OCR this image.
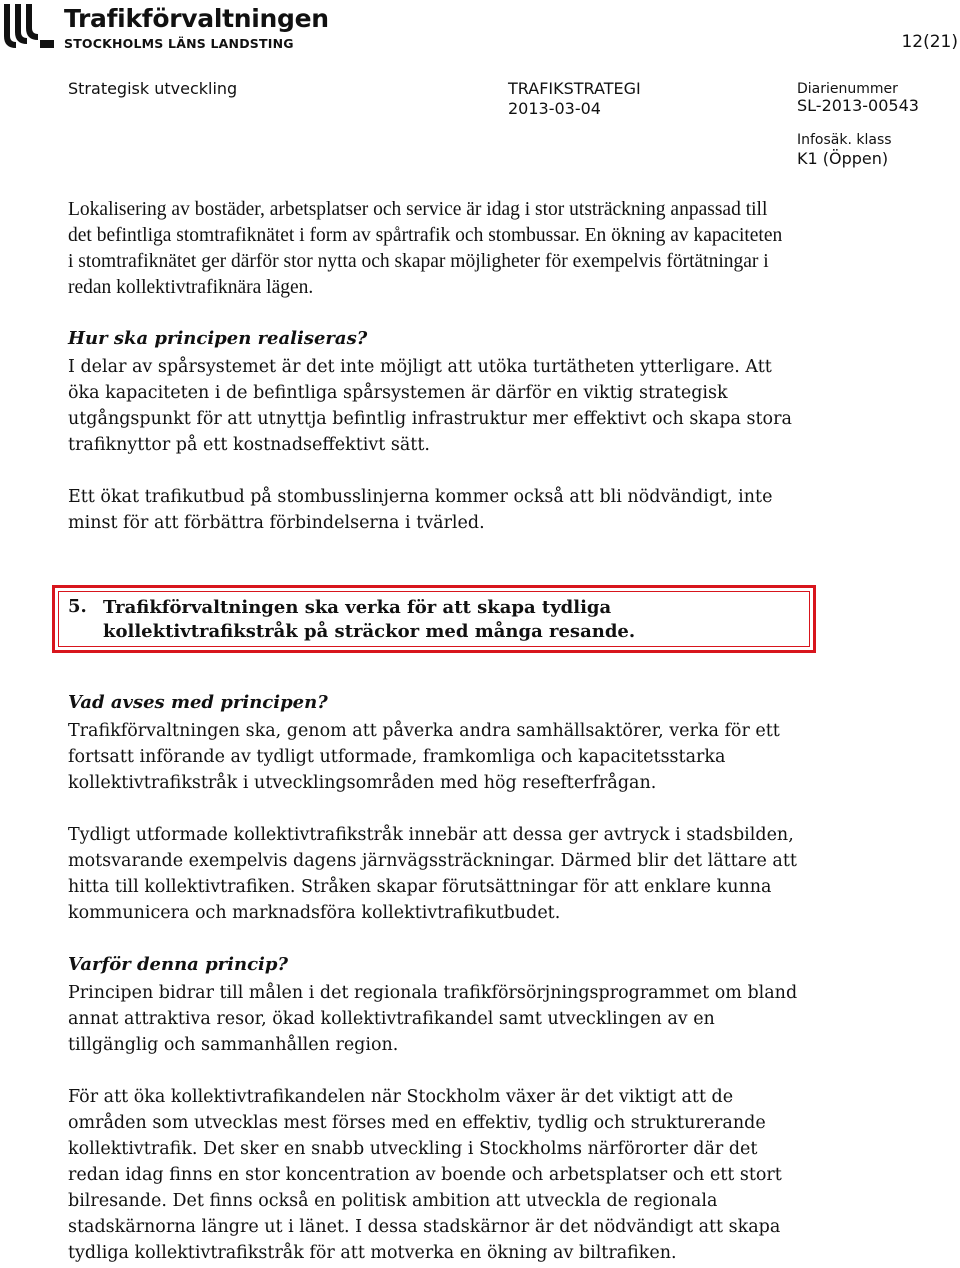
Trafikförvaltningen
STOCKHOLMS LÄNS LANDSTING	12(21)
Strategisk utveckling	TRAFIKSTRATEGI
2013-03-04
Diarienummer
SL-2013-00543
Infosäk. klass
K1 (Öppen)

Lokalisering av bostäder, arbetsplatser och service är idag i stor utsträckning anpassad till det befintliga stomtrafiknätet i form av spårtrafik och stombussar. En ökning av kapaciteten i stomtrafiknätet ger därför stor nytta och skapar möjligheter för exempelvis förtätningar i redan kollektivtrafiknära lägen.

Hur ska principen realiseras?

I delar av spårsystemet är det inte möjligt att utöka turtätheten ytterligare. Att öka kapaciteten i de befintliga spårsystemen är därför en viktig strategisk utgångspunkt för att utnyttja befintlig infrastruktur mer effektivt och skapa stora trafiknyttor på ett kostnadseffektivt sätt.

Ett ökat trafikutbud på stombusslinjerna kommer också att bli nödvändigt, inte minst för att förbättra förbindelserna i tvärled.

5. Trafikförvaltningen ska verka för att skapa tydliga kollektivtrafikstråk på sträckor med många resande.

Vad avses med principen?

Trafikförvaltningen ska, genom att påverka andra samhällsaktörer, verka för ett fortsatt införande av tydligt utformade, framkomliga och kapacitetsstarka kollektivtrafikstråk i utvecklingsområden med hög resefterfrågan.

Tydligt utformade kollektivtrafikstråk innebär att dessa ger avtryck i stadsbilden, motsvarande exempelvis dagens järnvägssträckningar. Därmed blir det lättare att hitta till kollektivtrafiken. Stråken skapar förutsättningar för att enklare kunna kommunicera och marknadsföra kollektivtrafikutbudet.

Varför denna princip?

Principen bidrar till målen i det regionala trafikförsörjningsprogrammet om bland annat attraktiva resor, ökad kollektivtrafikandel samt utvecklingen av en tillgänglig och sammanhållen region.

För att öka kollektivtrafikandelen när Stockholm växer är det viktigt att de områden som utvecklas mest förses med en effektiv, tydlig och strukturerande kollektivtrafik. Det sker en snabb utveckling i Stockholms närförorter där det redan idag finns en stor koncentration av boende och arbetsplatser och ett stort bilresande. Det finns också en politisk ambition att utveckla de regionala stadskärnorna längre ut i länet. I dessa stadskärnor är det nödvändigt att skapa tydliga kollektivtrafikstråk för att motverka en ökning av biltrafiken.
